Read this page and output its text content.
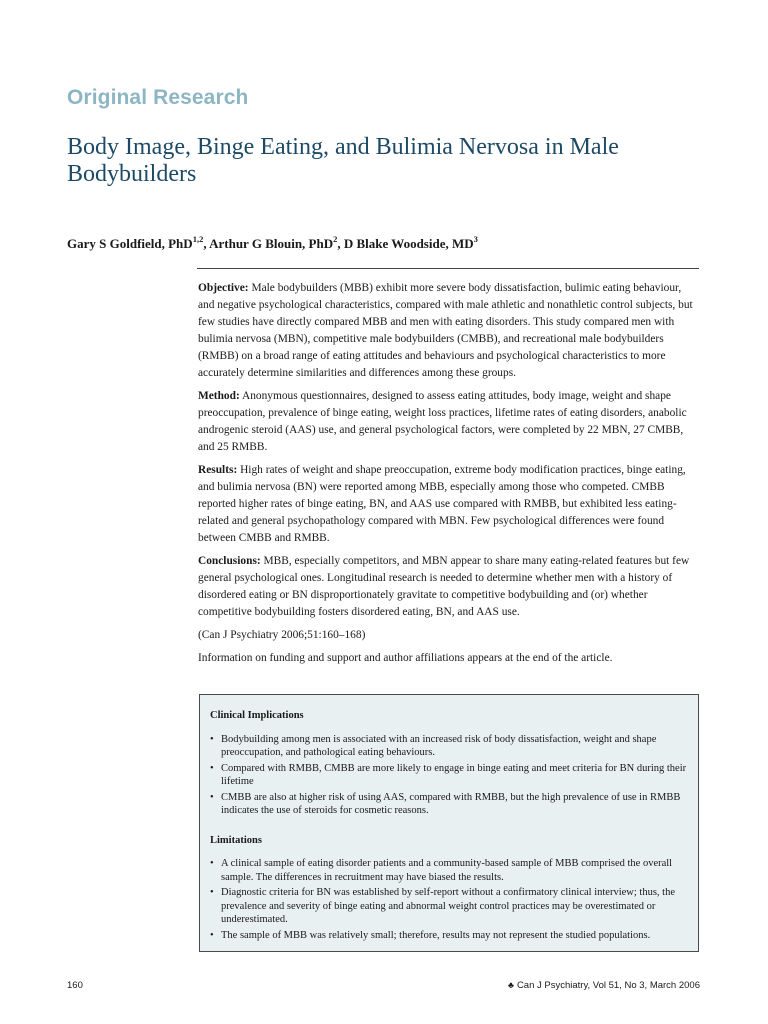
Original Research
Body Image, Binge Eating, and Bulimia Nervosa in Male Bodybuilders

Gary S Goldfield, PhD$^{1,2}$, Arthur G Blouin, PhD$^2$, D Blake Woodside, $MD^3$

Objective: Male bodybuilders (MBB) exhibit more severe body dissatisfaction, bulimic eating behaviour, and negative psychological characteristics, compared with male athletic and nonathletic control subjects, but few studies have directly compared MBB and men with eating disorders. This study compared men with bulimia nervosa (MBN), competitive male bodybuilders (CMBB), and recreational male bodybuilders (RMBB) on a broad range of eating attitudes and behaviours and psychological characteristics to more accurately determine similarities and differences among these groups.

Method: Anonymous questionnaires, designed to assess eating attitudes, body image, weight and shape preoccupation, prevalence of binge eating, weight loss practices, lifetime rates of eating disorders, anabolic androgenic steroid (AAS) use, and general psychological factors, were completed by 22 MBN, 27 CMBB, and 25 RMBB.

Results: High rates of weight and shape preoccupation, extreme body modification practices, binge eating, and bulimia nervosa (BN) were reported among MBB, especially among those who competed. CMBB reported higher rates of binge eating, BN, and AAS use compared with RMBB, but exhibited less eating-related and general psychopathology compared with MBN. Few psychological differences were found between CMBB and RMBB.

Conclusions: MBB, especially competitors, and MBN appear to share many eating-related features but few general psychological ones. Longitudinal research is needed to determine whether men with a history of disordered eating or BN disproportionately gravitate to competitive bodybuilding and (or) whether competitive bodybuilding fosters disordered eating, BN, and AAS use.

(Can J Psychiatry 2006;51:160–168)

Information on funding and support and author affiliations appears at the end of the article.

Clinical Implications
• Bodybuilding among men is associated with an increased risk of body dissatisfaction, weight and shape preoccupation, and pathological eating behaviours.
• Compared with RMBB, CMBB are more likely to engage in binge eating and meet criteria for BN during their lifetime
• CMBB are also at higher risk of using AAS, compared with RMBB, but the high prevalence of use in RMBB indicates the use of steroids for cosmetic reasons.
Limitations
• A clinical sample of eating disorder patients and a community-based sample of MBB comprised the overall sample. The differences in recruitment may have biased the results.
• Diagnostic criteria for BN was established by self-report without a confirmatory clinical interview; thus, the prevalence and severity of binge eating and abnormal weight control practices may be overestimated or underestimated.
• The sample of MBB was relatively small; therefore, results may not represent the studied populations.
160	♣ Can J Psychiatry, Vol 51, No 3, March 2006
